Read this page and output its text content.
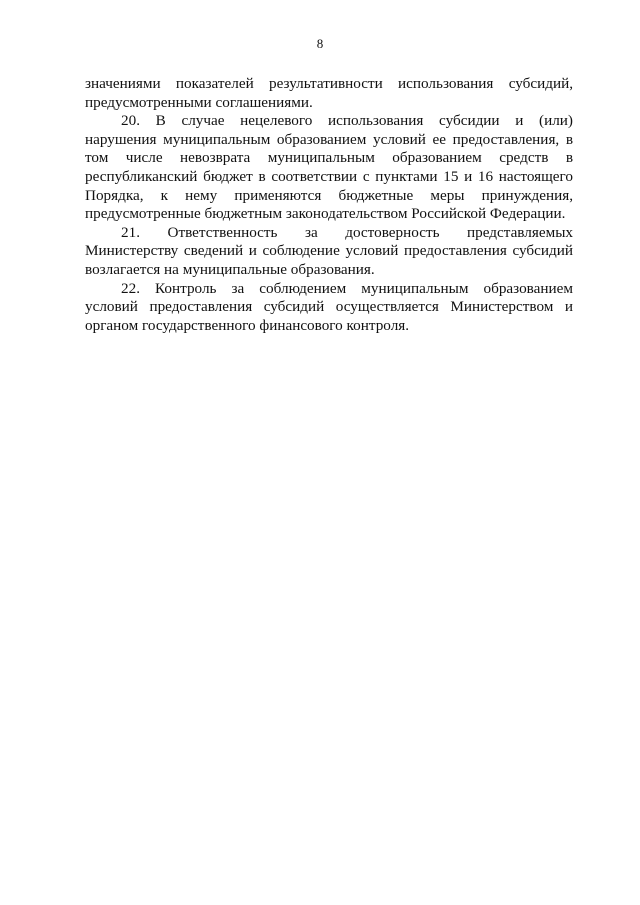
8
значениями показателей результативности использования субсидий,
предусмотренными соглашениями.
20. В случае нецелевого использования субсидии и (или)
нарушения муниципальным образованием условий ее предоставления, в
том числе невозврата муниципальным образованием средств в
республиканский бюджет в соответствии с пунктами 15 и 16 настоящего
Порядка, к нему применяются бюджетные меры принуждения,
предусмотренные бюджетным законодательством Российской Федерации.
21. Ответственность за достоверность представляемых
Министерству сведений и соблюдение условий предоставления субсидий
возлагается на муниципальные образования.
22. Контроль за соблюдением муниципальным образованием
условий предоставления субсидий осуществляется Министерством и
органом государственного финансового контроля.
